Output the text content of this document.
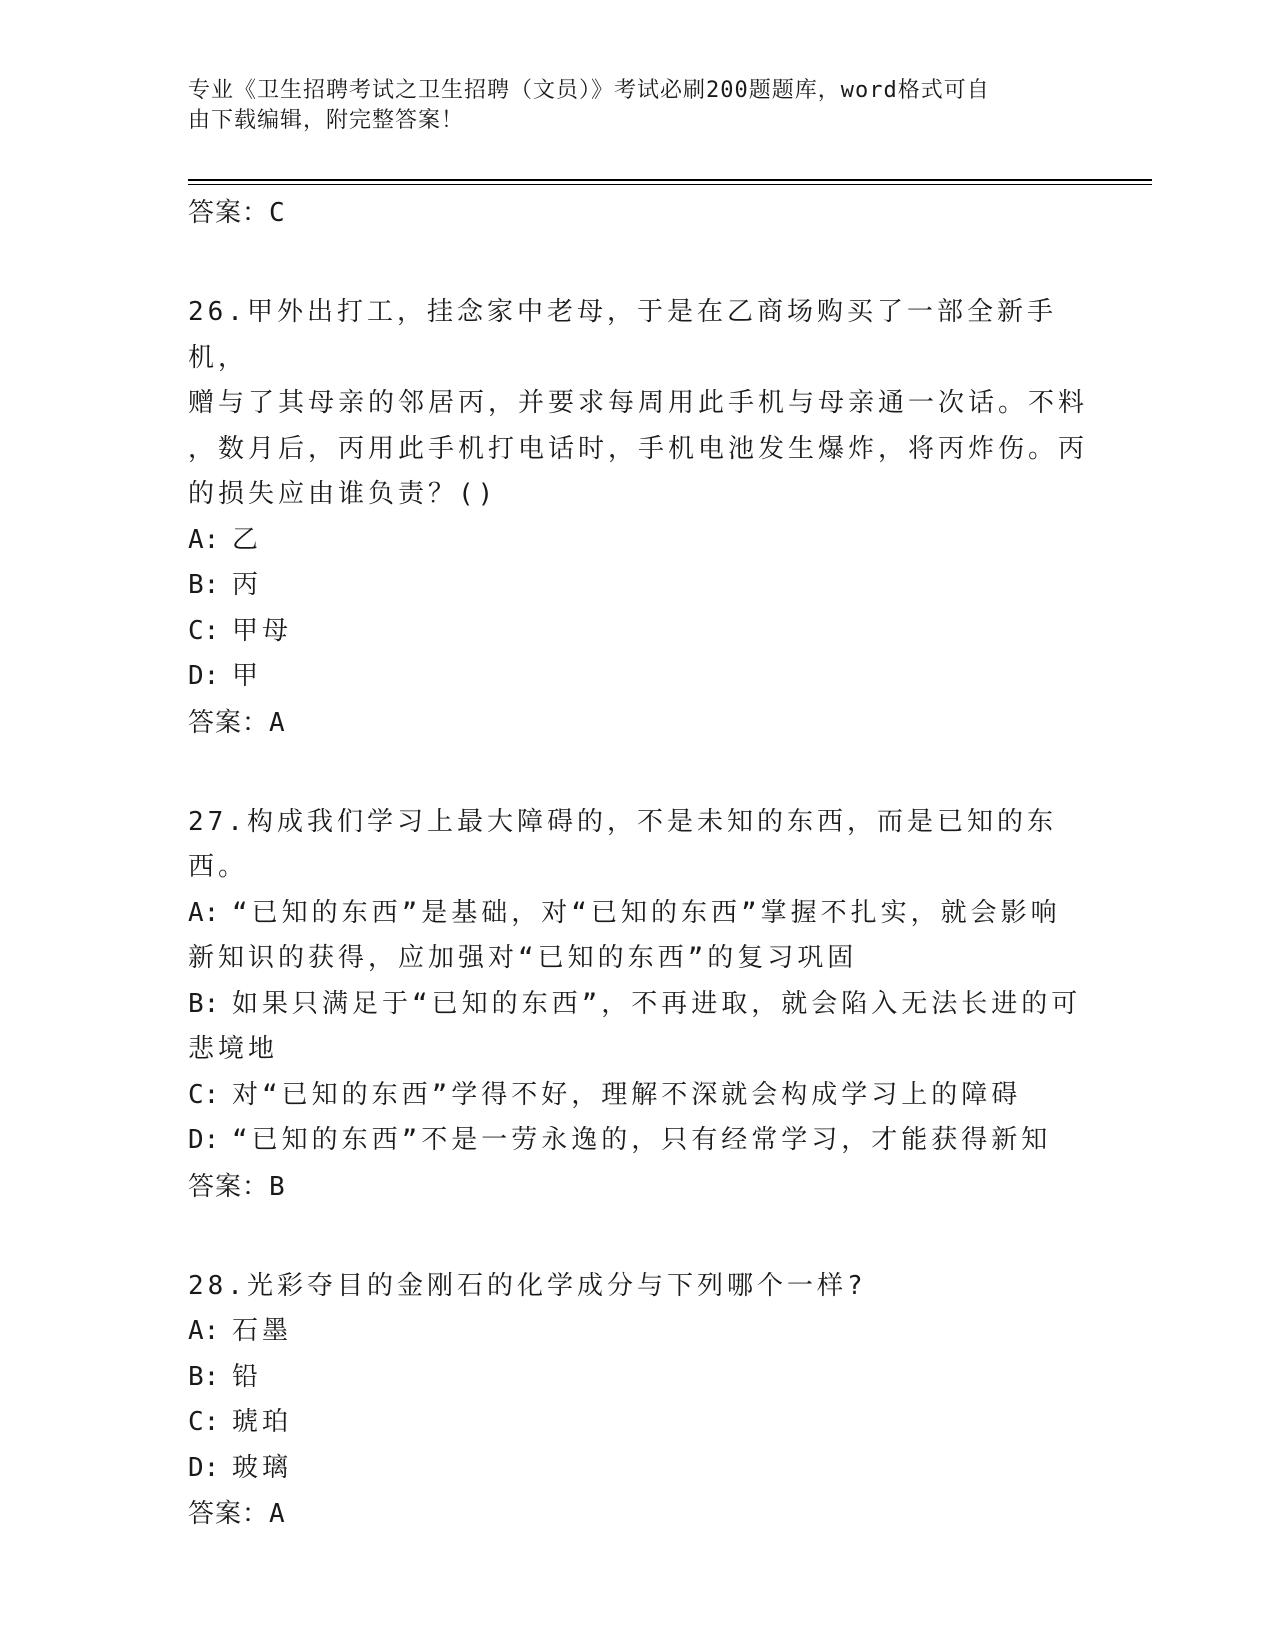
专业《卫生招聘考试之卫生招聘（文员）》考试必刷200题题库，word格式可自
由下载编辑，附完整答案！
答案：C
26.甲外出打工，挂念家中老母，于是在乙商场购买了一部全新手机，
赠与了其母亲的邻居丙，并要求每周用此手机与母亲通一次话。不料
，数月后，丙用此手机打电话时，手机电池发生爆炸，将丙炸伤。丙
的损失应由谁负责？()
A: 乙
B: 丙
C: 甲母
D: 甲
答案：A
27.构成我们学习上最大障碍的，不是未知的东西，而是已知的东西。
A: “已知的东西”是基础，对“已知的东西”掌握不扎实，就会影响
新知识的获得，应加强对“已知的东西”的复习巩固
B: 如果只满足于“已知的东西”，不再进取，就会陷入无法长进的可
悲境地
C: 对“已知的东西”学得不好，理解不深就会构成学习上的障碍
D: “已知的东西”不是一劳永逸的，只有经常学习，才能获得新知
答案：B
28.光彩夺目的金刚石的化学成分与下列哪个一样?
A: 石墨
B: 铅
C: 琥珀
D: 玻璃
答案：A
